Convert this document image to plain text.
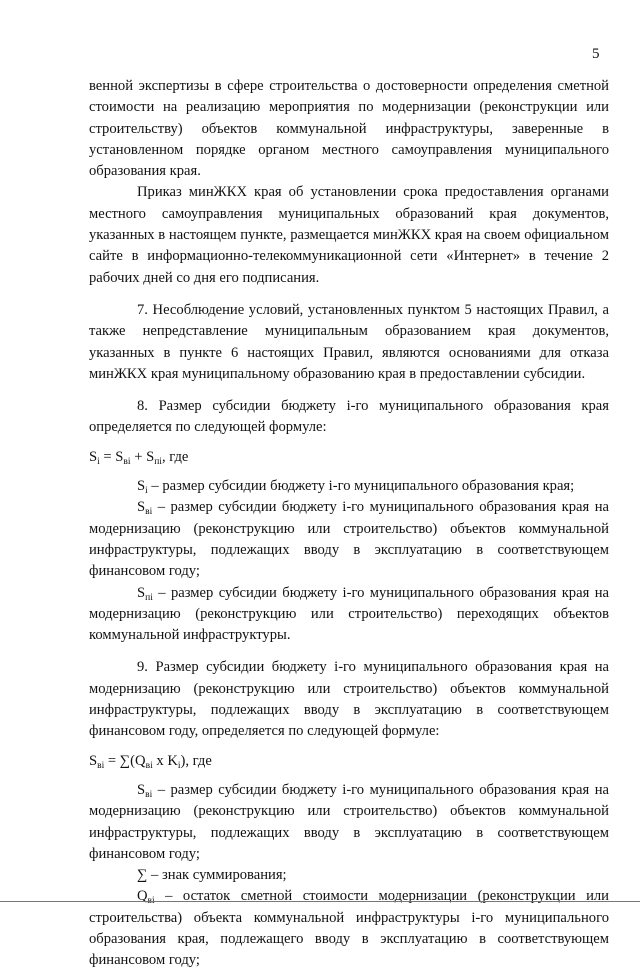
5

венной экспертизы в сфере строительства о достоверности определения сметной стоимости на реализацию мероприятия по модернизации (реконструкции или строительству) объектов коммунальной инфраструктуры, заверенные в установленном порядке органом местного самоуправления муниципального образования края.

Приказ минЖКХ края об установлении срока предоставления органами местного самоуправления муниципальных образований края документов, указанных в настоящем пункте, размещается минЖКХ края на своем официальном сайте в информационно-телекоммуникационной сети «Интернет» в течение 2 рабочих дней со дня его подписания.

7. Несоблюдение условий, установленных пунктом 5 настоящих Правил, а также непредставление муниципальным образованием края документов, указанных в пункте 6 настоящих Правил, являются основаниями для отказа минЖКХ края муниципальному образованию края в предоставлении субсидии.

8. Размер субсидии бюджету i-го муниципального образования края определяется по следующей формуле:

$S_i = S_{вi} + S_{пi}$, где

$S_i$ – размер субсидии бюджету i-го муниципального образования края;

$S_{вi}$ – размер субсидии бюджету i-го муниципального образования края на модернизацию (реконструкцию или строительство) объектов коммунальной инфраструктуры, подлежащих вводу в эксплуатацию в соответствующем финансовом году;

$S_{пi}$ – размер субсидии бюджету i-го муниципального образования края на модернизацию (реконструкцию или строительство) переходящих объектов коммунальной инфраструктуры.

9. Размер субсидии бюджету i-го муниципального образования края на модернизацию (реконструкцию или строительство) объектов коммунальной инфраструктуры, подлежащих вводу в эксплуатацию в соответствующем финансовом году, определяется по следующей формуле:

$S_{вi} = \sum(Q_{вi}$ x $K_i$), где

$S_{вi}$ – размер субсидии бюджету i-го муниципального образования края на модернизацию (реконструкцию или строительство) объектов коммунальной инфраструктуры, подлежащих вводу в эксплуатацию в соответствующем финансовом году;

∑ – знак суммирования;

$Q_{вi}$ – остаток сметной стоимости модернизации (реконструкции или строительства) объекта коммунальной инфраструктуры i-го муниципального образования края, подлежащего вводу в эксплуатацию в соответствующем финансовом году;
